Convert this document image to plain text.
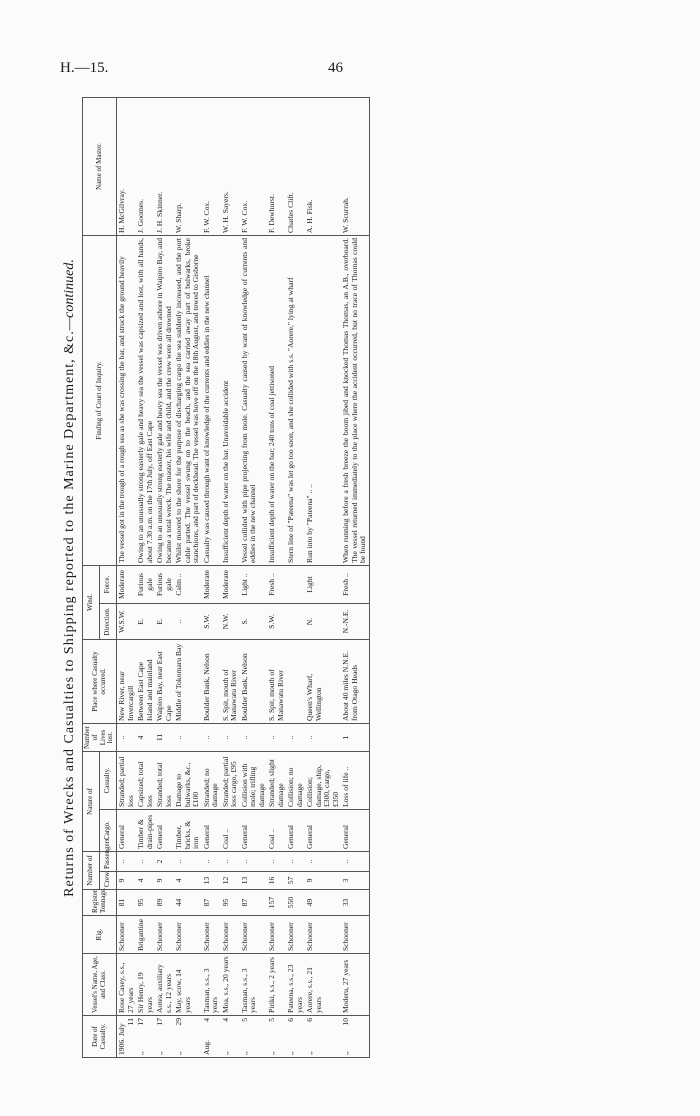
H.—15.	46
Returns of Wrecks and Casualties to Shipping reported to the Marine Department, &c.—continued.
Date of Casualty.	Vessel's Name, Age, and Class.	Rig.	Register Tonnage.	Number of		Nature of		Number of Lives lost.	Place where Casualty occurred.	Wind.		Finding of Court of Inquiry.	Name of Master.
				Crew.	Passengers.	Cargo.	Casualty.			Direction.	Force.		
1906. July
11	Rose Casey, s.s., 27 years	Schooner	81	9	..	General	Stranded; partial loss	..	New River, near Invercargill	W.S.W.	Moderate	The vessel got in the trough of a rough sea as she was crossing the bar, and struck the ground heavily	H. McGilvray.
,,
17	Sir Henry, 19 years	Brigantine	95	4	..	Timber & drain-pipes	Capsized; total loss	4	Between East Cape Island and mainland	E.	Furious gale	Owing to an unusually strong easterly gale and heavy sea the vessel was capsized and lost, with all hands, about 7.30 a.m. on the 17th July, off East Cape	J. Goomes.
,,
17	Aotea, auxiliary s.s., 12 years	Schooner	89	9	2	General	Stranded; total loss	11	Waipiro Bay, near East Cape	E.	Furious gale	Owing to an unusually strong easterly gale and heavy sea the vessel was driven ashore in Waipiro Bay, and became a total wreck. The master, his wife and child, and the crew were all drowned	J. H. Skinner.
,,
29	May, scow, 14 years	Schooner	44	4	..	Timber, bricks, & iron	Damage to bulwarks, &c., £100	..	Middle of Tokomaru Bay	..	Calm ..	Whilst moored to the shore for the purpose of discharging cargo the sea suddenly increased, and the port cable parted. The vessel swung on to the beach, and the sea carried away part of bulwarks, broke stanchions, and part of deckhead. The vessel was hove off on the 18th August, and towed to Gisborne	W. Sharp.
Aug.
4	Tasman, s.s., 3 years	Schooner	87	13	..	General	Stranded; no damage	..	Boulder Bank, Nelson	S.W.	Moderate	Casualty was caused through want of knowledge of the currents and eddies in the new channel	F. W. Cox.
,,
4	Moa, s.s., 20 years	Schooner	95	12	..	Coal ..	Stranded; partial loss cargo, £95	..	S. Spit, mouth of Manawatu River	N.W.	Moderate	Insufficient depth of water on the bar. Unavoidable accident	W. H. Sayers.
,,
5	Tasman, s.s., 3 years	Schooner	87	13	..	General	Collision with mole; trifling damage	..	Boulder Bank, Nelson	S.	Light ..	Vessel collided with pipe projecting from mole. Casualty caused by want of knowledge of currents and eddies in the new channel	F. W. Cox.
,,
5	Piriki, s.s., 2 years	Schooner	157	16	..	Coal ..	Stranded; slight damage	..	S. Spit, mouth of Manawatu River	S.W.	Fresh ..	Insufficient depth of water on the bar; 240 tons of coal jettisoned	F. Dewhurst.
,,
6	Pateena, s.s., 23 years	Schooner	550	57	..	General	Collision; no damage	..				Stern line of "Pateena" was let go too soon, and she collided with s.s. "Aorere," lying at wharf	Charles Clift.
,,
6	Aorere, s.s., 21 years	Schooner	49	9	..	General	Collision; damage, ship, £300, cargo, £350	..	Queen's Wharf, Wellington	N.	Light	Run into by "Pateena" .. ..	A. H. Fisk.
,,
10	Moderu, 27 years	Schooner	33	3	..	General	Loss of life ..	1	About 40 miles N.N.E. from Otago Heads	N.-N.E.	Fresh ..	When running before a fresh breeze the boom jibed and knocked Thomas Thomas, an A.B., overboard. The vessel returned immediately to the place where the accident occurred, but no trace of Thomas could be found	W. Scurrah.
